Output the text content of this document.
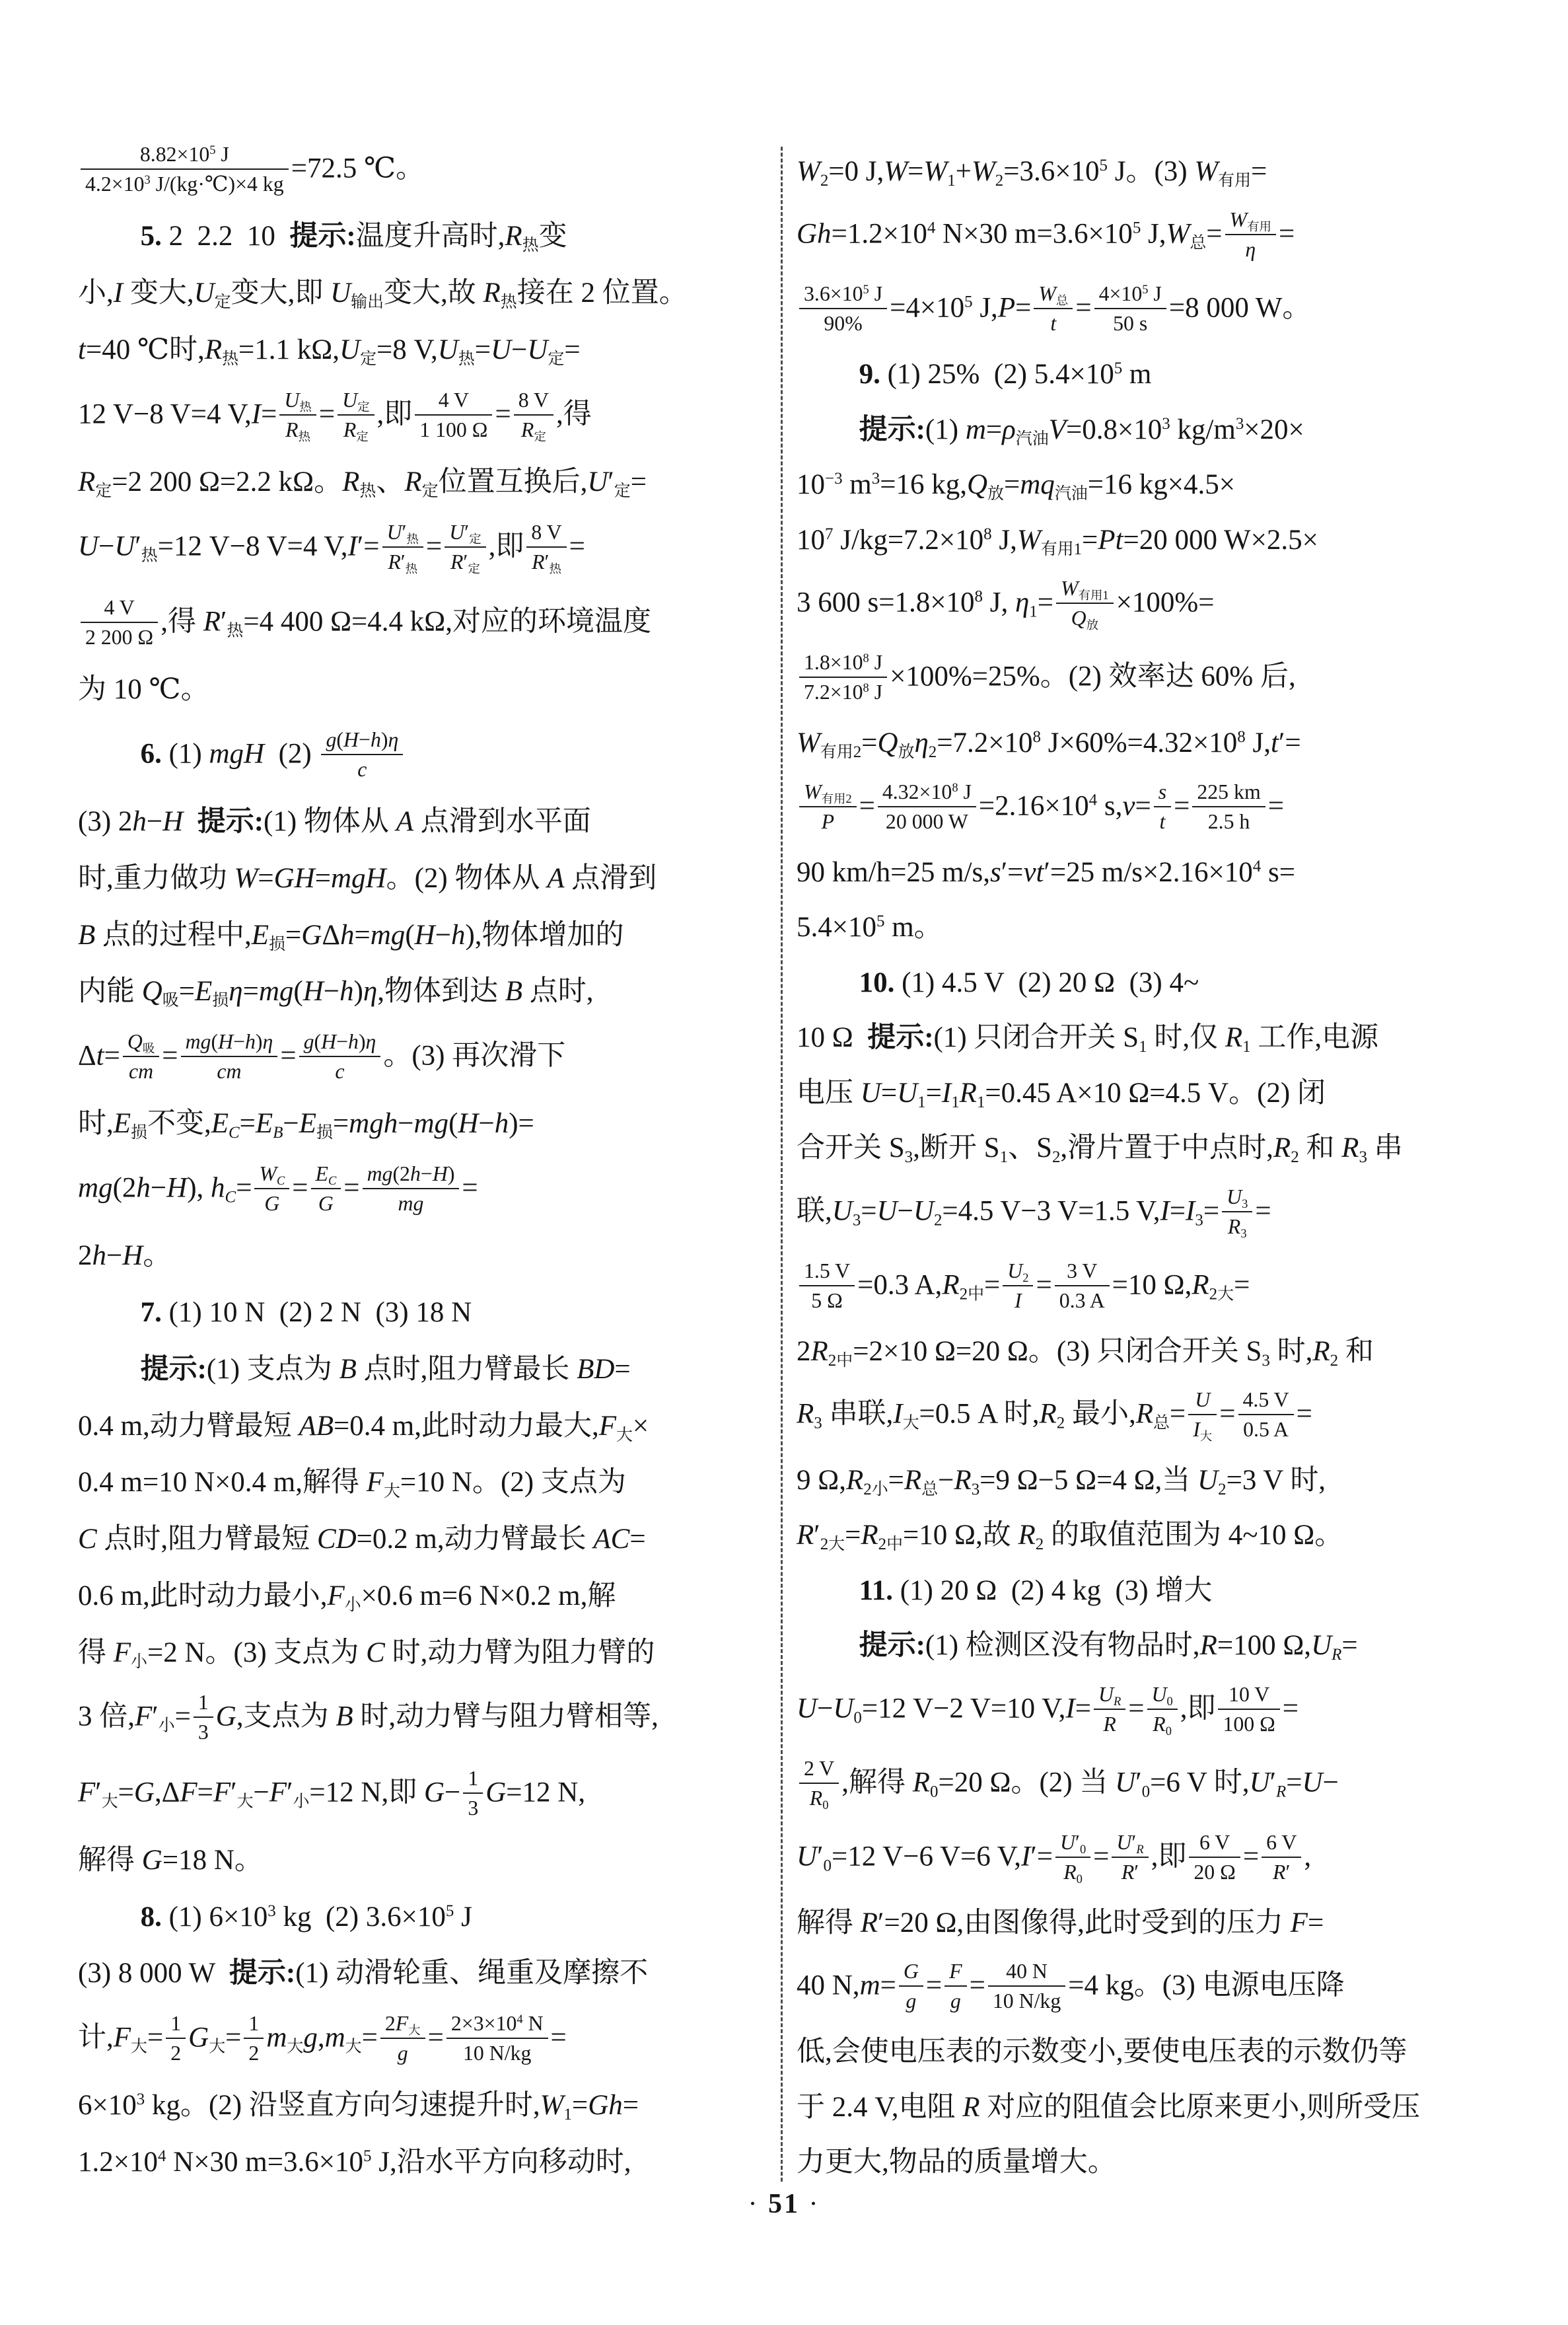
$\frac{8.82\times 10^5 J}{4.2\times 10^3 J/(kg\cdot℃)\times 4 kg} =72.5$ ℃。
5. 2  2.2  10  提示:温度升高时$,R_热$变
小,I 变大$,U_定$变大,即 $U_{输出}$变大,故 $R_热$接在 2 位置。
t=40 ℃时$,R_热=1.1$ $k\Omega,U_定=8$ $V,U_热=U-U_定=$
12 V−8 V=4 $V,I= \frac{U_热}{R_热} = \frac{U_定}{R_定}$ ,即 $\frac{4 V}{1 100 \Omega} = \frac{8 V}{R_定}$ ,得
$R_定=2$ 200 Ω=2.2 kΩ。$R_热$、$R_定$位置互换后$,U'_定=$
$U-U'_热=12$ V−8 V=4 $V,I'= \frac{U'_热}{R'_热} = \frac{U'_定}{R'_定}$ ,即 $\frac{8 V}{R'_热}$ =
$\frac{4 V}{2 200 \Omega}$ ,得 $R'_热=4$ 400 Ω=4.4 kΩ,对应的环境温度
为 10 ℃。
6. (1) mgH  $(2) \frac{g(H-h)\eta}{c}$
(3) 2h−H 提示:(1) 物体从 A 点滑到水平面
时,重力做功 W=GH=mgH。(2) 物体从 A 点滑到
B 点的过程中$,E_损=G\Delta h=mg(H-h)$,物体增加的
内能 $Q_吸=E_损\eta=mg(H-h)\eta$,物体到达 B 点时,
$\Delta t= \frac{Q_吸}{cm} = \frac{mg(H-h)\eta}{cm} = \frac{g(H-h)\eta}{c}$ 。(3) 再次滑下
时$,E_损$不变$,E_C=E_B-E_损=mgh-mg(H-h)=$
mg(2h−H), $h_C= \frac{W_C}{G} = \frac{E_C}{G} = \frac{mg(2h-H)}{mg}$ =
2h−H。
7. (1) 10 N  (2) 2 N  (3) 18 N
提示:(1) 支点为 B 点时,阻力臂最长 BD=
0.4 m,动力臂最短 AB=0.4 m,此时动力最大$,F_大\times$
0.4 m=10 N×0.4 m,解得 $F_大=10$ N。(2) 支点为
C 点时,阻力臂最短 CD=0.2 m,动力臂最长 AC=
0.6 m,此时动力最小$,F_小\times 0.6$ m=6 N×0.2 m,解
得 $F_小=2$ N。(3) 支点为 C 时,动力臂为阻力臂的
3 倍$,F'_小= \frac{1}{3} G$,支点为 B 时,动力臂与阻力臂相等,
$F'_大=G,\Delta F=F'_大-F'_小=12$ N,即 $G- \frac{1}{3} G=12$ N,
解得 G=18 N。
8. (1) $6\times 10^3$ kg  (2) $3.6\times 10^5$ J
(3) 8 000 W  提示:(1) 动滑轮重、绳重及摩擦不
计$,F_大= \frac{1}{2} G_大= \frac{1}{2} m_大g,m_大= \frac{2F_大}{g} = \frac{2\times 3\times 10^4 N}{10 N/kg}$ =
$6\times 10^3$ kg。(2) 沿竖直方向匀速提升时$,W_1=Gh=$
$1.2\times 10^4$ N×30 $m=3.6\times 10^5$ J,沿水平方向移动时,
$W_2=0$ $J,W=W_1+W_2=3.6\times 10^5$ J。(3) $W_{有用}=$
$Gh=1.2\times 10^4$ N×30 $m=3.6\times 10^5$ $J,W_总= \frac{W_{有用}}{\eta}$ =
$\frac{3.6\times 10^5 J}{90\%} =4\times 10^5$ $J,P= \frac{W_总}{t} = \frac{4\times 10^5 J}{50 s} =8$ 000 W。
9. (1) 25%  (2) $5.4\times 10^5$ m
提示:(1) $m=\rho_{汽油}V=0.8\times 10^3$ $kg/m^3\times 20\times$
$10^{-3}$ $m^3=16$ $kg,Q_放=mq_{汽油}=16$ kg×4.5×
$10^7$ $J/kg=7.2\times 10^8$ $J,W_{有用1}=Pt=20$ 000 W×2.5×
3 600 $s=1.8\times 10^8$ J, $\eta_1= \frac{W_{有用1}}{Q_放} \times 100\%=$
$\frac{1.8\times 10^8 J}{7.2\times 10^8 J} \times 100\%=25\%$。(2) 效率达 60% 后,
$W_{有用2}=Q_放\eta_2=7.2\times 10^8$ $J\times 60\%=4.32\times 10^8$ J,t′=
$\frac{W_{有用2}}{P} = \frac{4.32\times 10^8 J}{20 000 W} =2.16\times 10^4$ $s,v= \frac{s}{t} = \frac{225 km}{2.5 h}$ =
90 km/h=25 m/s,s′=vt′=25 $m/s\times 2.16\times 10^4$ s=
$5.4\times 10^5$ m。
10. (1) 4.5 V  (2) 20 Ω  (3) 4~
10 Ω  提示:(1) 只闭合开关 $S_1$ 时,仅 $R_1$ 工作,电源
电压 $U=U_1=I_1R_1=0.45$ A×10 Ω=4.5 V。(2) 闭
合开关 $S_3$,断开 $S_1$、$S_2$,滑片置于中点时$,R_2$ 和 $R_3$ 串
联$,U_3=U-U_2=4.5$ V−3 V=1.5 $V,I=I_3= \frac{U_3}{R_3}$ =
$\frac{1.5 V}{5 \Omega} =0.3$ $A,R_{2中}= \frac{U_2}{I} = \frac{3 V}{0.3 A} =10$ $\Omega,R_{2大}=$
$2R_{2中}=2\times 10$ Ω=20 Ω。(3) 只闭合开关 $S_3$ 时$,R_2$ 和
$R_3$ 串联$,I_大=0.5$ A 时$,R_2$ 最小$,R_总= \frac{U}{I_大} = \frac{4.5 V}{0.5 A}$ =
9 $\Omega,R_{2小}=R_总-R_3=9$ Ω−5 Ω=4 Ω,当 $U_2=3$ V 时,
$R'_{2大}=R_{2中}=10$ Ω,故 $R_2$ 的取值范围为 4~10 Ω。
11. (1) 20 Ω  (2) 4 kg  (3) 增大
提示:(1) 检测区没有物品时,R=100 $\Omega,U_R=$
$U-U_0=12$ V−2 V=10 $V,I= \frac{U_R}{R} = \frac{U_0}{R_0}$ ,即 $\frac{10 V}{100 \Omega}$ =
$\frac{2 V}{R_0}$ ,解得 $R_0=20$ Ω。(2) 当 $U'_0=6$ V 时$,U'_R=U-$
$U'_0=12$ V−6 V=6 $V,I'= \frac{U'_0}{R_0} = \frac{U'_R}{R'}$ ,即 $\frac{6 V}{20 \Omega} = \frac{6 V}{R'}$ ,
解得 R′=20 Ω,由图像得,此时受到的压力 F=
40 $N,m= \frac{G}{g} = \frac{F}{g} = \frac{40 N}{10 N/kg} =4$ kg。(3) 电源电压降
低,会使电压表的示数变小,要使电压表的示数仍等
于 2.4 V,电阻 R 对应的阻值会比原来更小,则所受压
力更大,物品的质量增大。
· 51 ·
